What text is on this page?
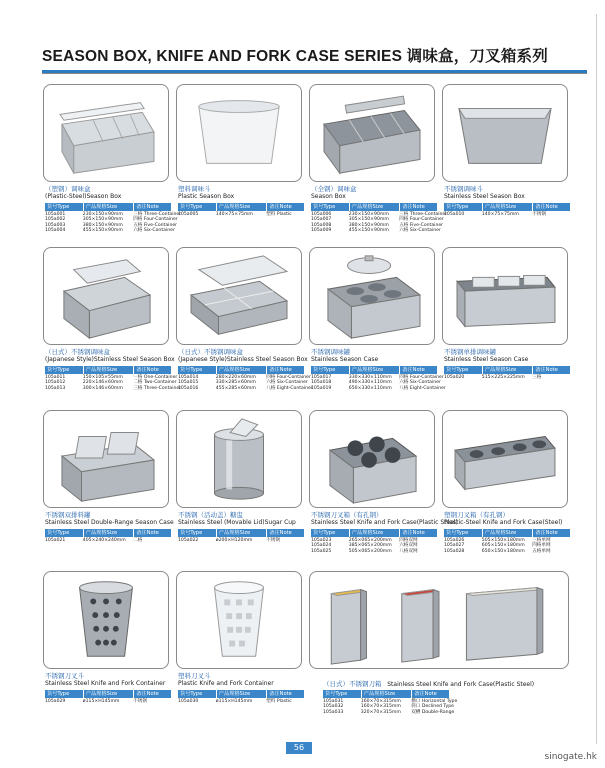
SEASON BOX, KNIFE AND FORK CASE SERIES 调味盒，刀叉箱系列
（塑钢）调味盒
(Plastic-Steel)Season Box
塑料调味斗
Plastic Season Box
（全钢）调味盒
Season Box
不锈钢调味斗
Stainless Steel Season Box
货号Type	产品规格Size	备注Note
105a001	230×150×90mm	三格 Three-Container
105a002	305×150×90mm	四格 Four-Container
105a003	380×150×90mm	五格 Five-Container
105a004	455×150×90mm	六格 Six-Container
货号Type	产品规格Size	备注Note
105a005	140×75×75mm	塑料 Plastic
货号Type	产品规格Size	备注Note
105a006	230×150×90mm	三格 Three-Container
105a007	305×150×90mm	四格 Four-Container
105a008	380×150×90mm	五格 Five-Container
105a009	455×150×90mm	六格 Six-Container
货号Type	产品规格Size	备注Note
105a010	140×75×75mm	不锈钢
（日式）不锈钢调味盒
(Japanese Style)Stainless Steel Season Box
（日式）不锈钢调味盒
(Japanese Style)Stainless Steel Season Box
不锈钢调味罐
Stainless Season Case
不锈钢单排调味罐
Stainless Steel Season Case
货号Type	产品规格Size	备注Note
105a011	150×105×55mm	一格 One-Container
105a012	220×146×60mm	二格 Two-Container
105a013	300×146×60mm	三格 Three-Container
货号Type	产品规格Size	备注Note
105a014	280×220×60mm	四格 Four-Container
105a015	330×285×60mm	六格 Six-Container
105a016	455×285×60mm	八格 Eight-Container
货号Type	产品规格Size	备注Note
105a017	330×330×110mm	四格 Four-Container
105a018	490×330×110mm	六格 Six-Container
105a019	650×330×110mm	八格 Eight-Container
货号Type	产品规格Size	备注Note
105a020	515×225×225mm	三格
不锈钢双排料罐
Stainless Steel Double-Range Season Case
不锈钢（活动盖）糖盅
Stainless Steel (Movable Lid)Sugar Cup
不锈钢刀叉箱（有孔钢）
Stainless Steel Knife and Fork Case(Plastic Steel)
塑钢刀叉箱（有孔钢）
Plastic-Steel Knife and Fork Case(Steel)
货号Type	产品规格Size	备注Note
105a021	405×240×240mm	二格
货号Type	产品规格Size	备注Note
105a022	ø200×H120mm	不锈钢
货号Type	产品规格Size	备注Note
105a023	265×065×200mm	四格双网
105a024	385×065×200mm	六格双网
105a025	505×065×200mm	八格双网
货号Type	产品规格Size	备注Note
105a026	505×150×180mm	三格单网
105a027	605×150×180mm	四格单网
105a028	650×150×180mm	五格单网
不锈钢刀叉斗
Stainless Steel Knife and Fork Container
塑料刀叉斗
Plastic Knife and Fork Container	（日式）不锈钢刀箱 Stainless Steel Knife and Fork Case(Plastic Steel)
货号Type	产品规格Size	备注Note
105a029	ø115×H145mm	不锈钢
货号Type	产品规格Size	备注Note
105a030	ø115×H145mm	塑料 Plastic
货号Type	产品规格Size	备注Note
105a031	160×70×315mm	横口 Horizontal Type
105a032	160×70×315mm	斜口 Declined Type
105a033	320×70×315mm	双槽 Double-Range
56
sinogate.hk
